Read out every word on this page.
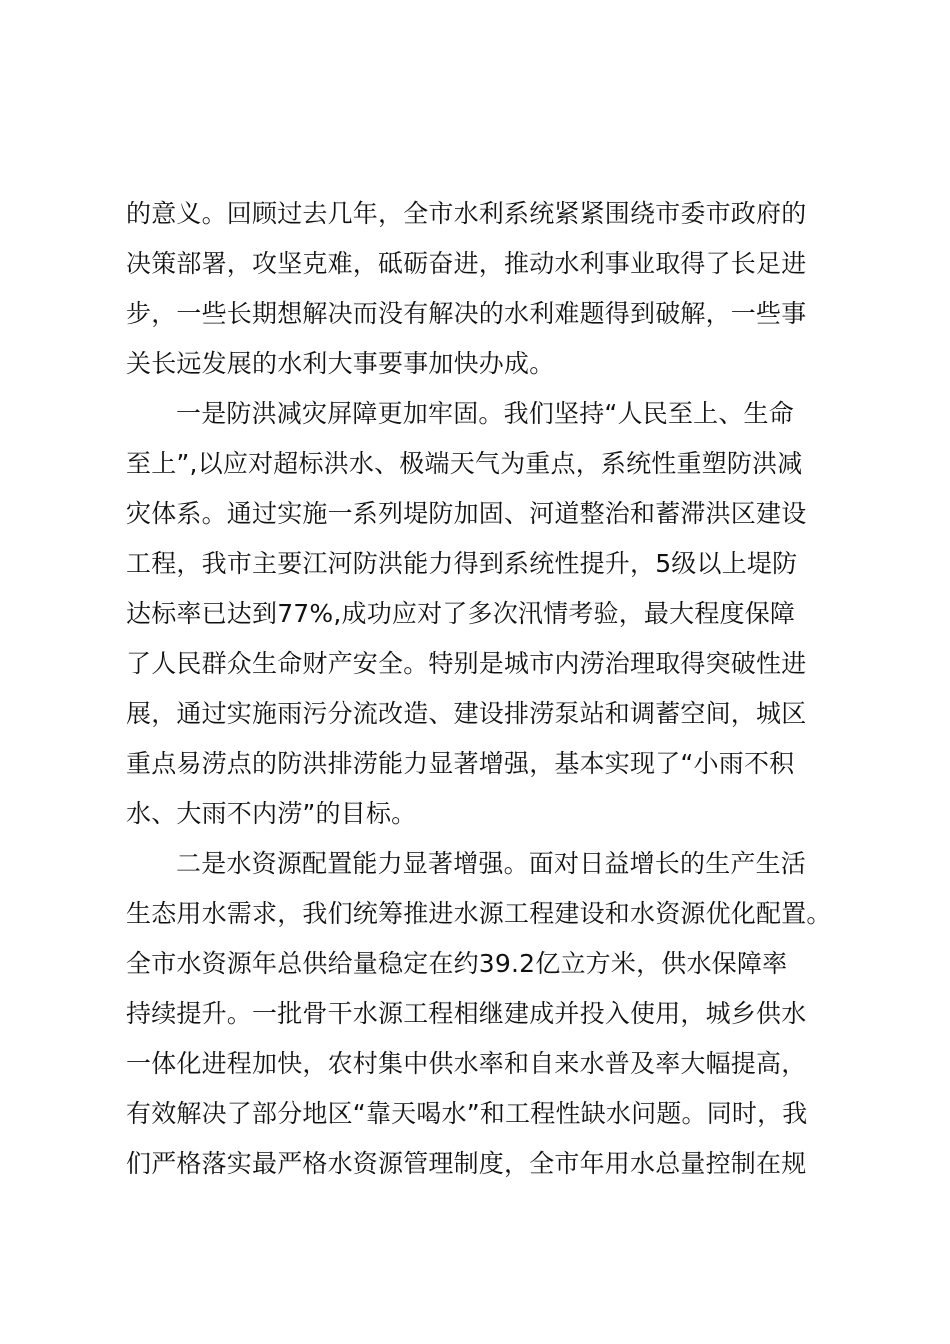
的意义。回顾过去几年，全市水利系统紧紧围绕市委市政府的
决策部署，攻坚克难，砥砺奋进，推动水利事业取得了长足进
步，一些长期想解决而没有解决的水利难题得到破解，一些事
关长远发展的水利大事要事加快办成。
一是防洪减灾屏障更加牢固。我们坚持“人民至上、生命
至上”,以应对超标洪水、极端天气为重点，系统性重塑防洪减
灾体系。通过实施一系列堤防加固、河道整治和蓄滞洪区建设
工程，我市主要江河防洪能力得到系统性提升，5级以上堤防
达标率已达到77%,成功应对了多次汛情考验，最大程度保障
了人民群众生命财产安全。特别是城市内涝治理取得突破性进
展，通过实施雨污分流改造、建设排涝泵站和调蓄空间，城区
重点易涝点的防洪排涝能力显著增强，基本实现了“小雨不积
水、大雨不内涝”的目标。
二是水资源配置能力显著增强。面对日益增长的生产生活
生态用水需求，我们统筹推进水源工程建设和水资源优化配置。
全市水资源年总供给量稳定在约39.2亿立方米，供水保障率
持续提升。一批骨干水源工程相继建成并投入使用，城乡供水
一体化进程加快，农村集中供水率和自来水普及率大幅提高，
有效解决了部分地区“靠天喝水”和工程性缺水问题。同时，我
们严格落实最严格水资源管理制度，全市年用水总量控制在规
